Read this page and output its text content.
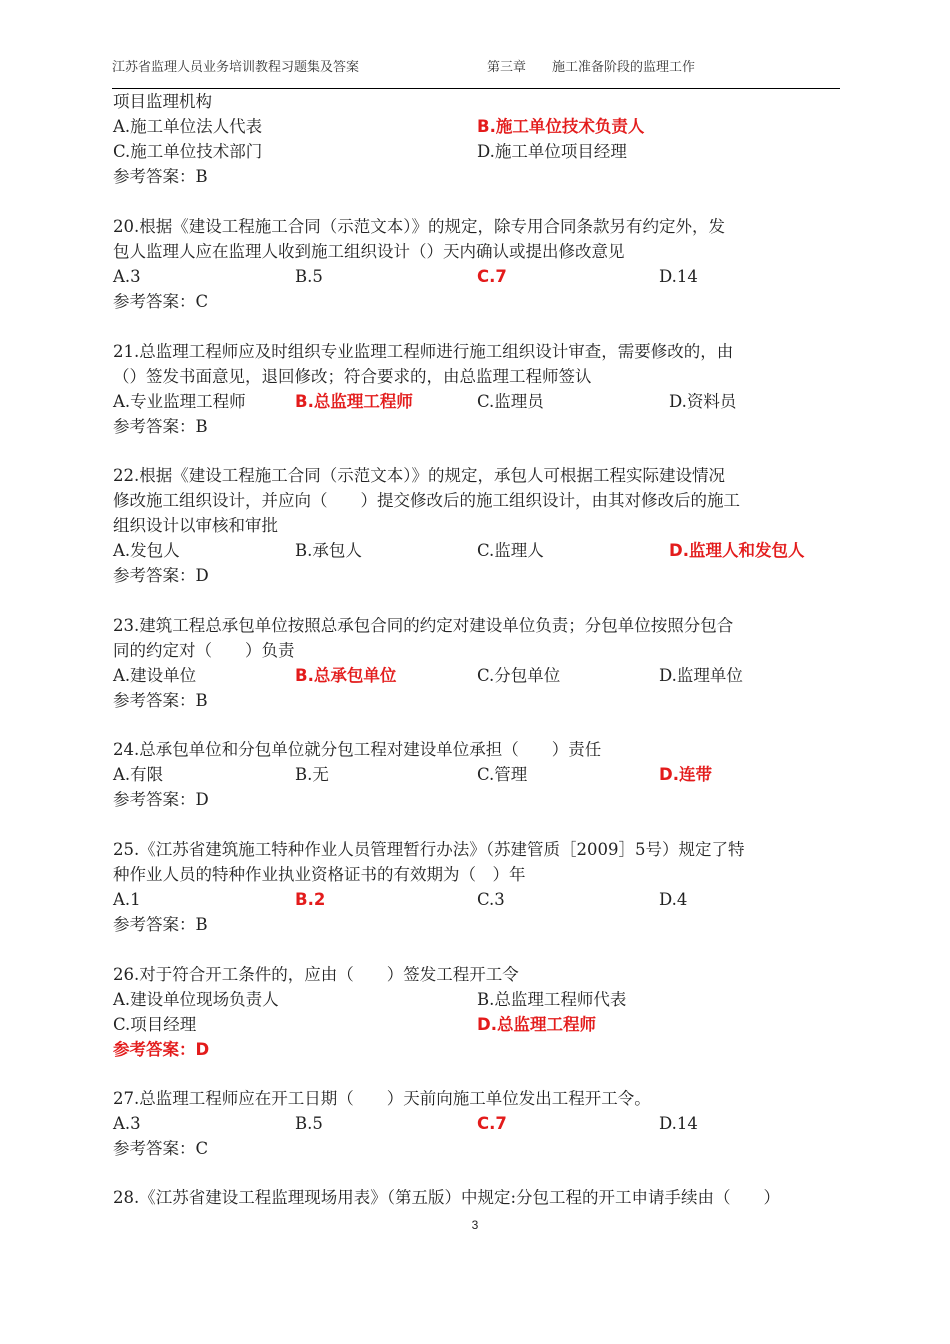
江苏省监理人员业务培训教程习题集及答案	第三章　　施工准备阶段的监理工作
项目监理机构
A.施工单位法人代表	B.施工单位技术负责人
C.施工单位技术部门	D.施工单位项目经理
参考答案：B
20.根据《建设工程施工合同（示范文本）》的规定，除专用合同条款另有约定外，发
包人监理人应在监理人收到施工组织设计（）天内确认或提出修改意见
A.3	B.5	C.7	D.14
参考答案：C
21.总监理工程师应及时组织专业监理工程师进行施工组织设计审查，需要修改的，由
（）签发书面意见，退回修改；符合要求的，由总监理工程师签认
A.专业监理工程师	B.总监理工程师	C.监理员	D.资料员
参考答案：B
22.根据《建设工程施工合同（示范文本）》的规定，承包人可根据工程实际建设情况
修改施工组织设计，并应向（　　）提交修改后的施工组织设计，由其对修改后的施工
组织设计以审核和审批
A.发包人	B.承包人	C.监理人	D.监理人和发包人
参考答案：D
23.建筑工程总承包单位按照总承包合同的约定对建设单位负责；分包单位按照分包合
同的约定对（　　）负责
A.建设单位	B.总承包单位	C.分包单位	D.监理单位
参考答案：B
24.总承包单位和分包单位就分包工程对建设单位承担（　　）责任
A.有限	B.无	C.管理	D.连带
参考答案：D
25.《江苏省建筑施工特种作业人员管理暂行办法》（苏建管质［2009］5号）规定了特
种作业人员的特种作业执业资格证书的有效期为（　）年
A.1	B.2	C.3	D.4
参考答案：B
26.对于符合开工条件的，应由（　　）签发工程开工令
A.建设单位现场负责人	B.总监理工程师代表
C.项目经理	D.总监理工程师
参考答案：D
27.总监理工程师应在开工日期（　　）天前向施工单位发出工程开工令。
A.3	B.5	C.7	D.14
参考答案：C
28.《江苏省建设工程监理现场用表》（第五版）中规定:分包工程的开工申请手续由（　　）
3
